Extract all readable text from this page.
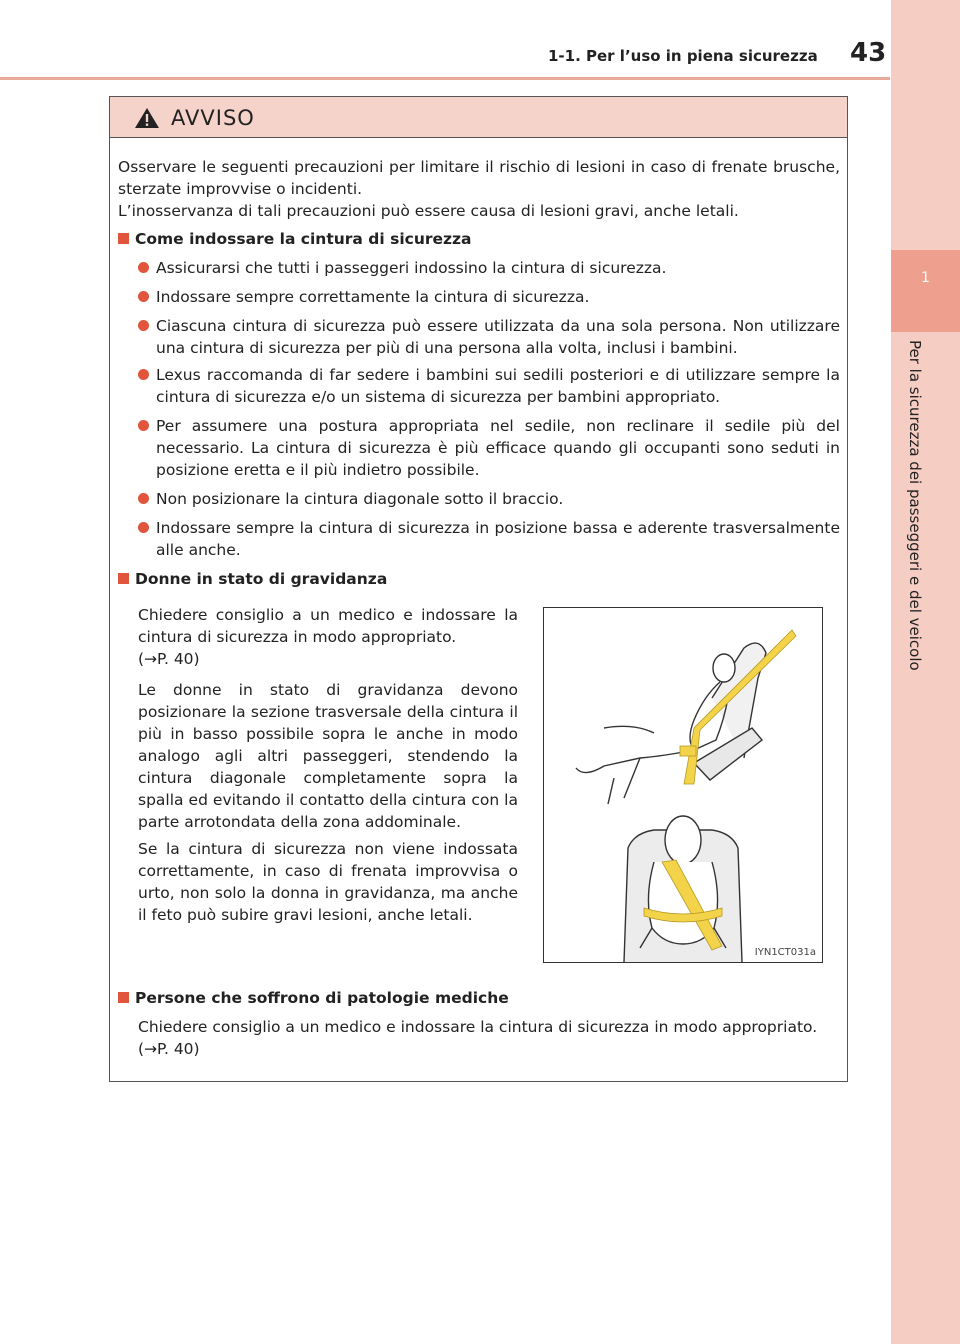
1-1. Per l’uso in piena sicurezza 43
1
Per la sicurezza dei passeggeri e del veicolo
AVVISO

Osservare le seguenti precauzioni per limitare il rischio di lesioni in caso di frenate brusche, sterzate improvvise o incidenti.

L’inosservanza di tali precauzioni può essere causa di lesioni gravi, anche letali.

Come indossare la cintura di sicurezza
Assicurarsi che tutti i passeggeri indossino la cintura di sicurezza.
Indossare sempre correttamente la cintura di sicurezza.
Ciascuna cintura di sicurezza può essere utilizzata da una sola persona. Non utilizzare una cintura di sicurezza per più di una persona alla volta, inclusi i bambini.
Lexus raccomanda di far sedere i bambini sui sedili posteriori e di utilizzare sempre la cintura di sicurezza e/o un sistema di sicurezza per bambini appropriato.
Per assumere una postura appropriata nel sedile, non reclinare il sedile più del necessario. La cintura di sicurezza è più efficace quando gli occupanti sono seduti in posizione eretta e il più indietro possibile.
Non posizionare la cintura diagonale sotto il braccio.
Indossare sempre la cintura di sicurezza in posizione bassa e aderente trasversalmente alle anche.
Donne in stato di gravidanza
Chiedere consiglio a un medico e indossare la cintura di sicurezza in modo appropriato.
(→P. 40)
Le donne in stato di gravidanza devono posizionare la sezione trasversale della cintura il più in basso possibile sopra le anche in modo analogo agli altri passeggeri, stendendo la cintura diagonale completamente sopra la spalla ed evitando il contatto della cintura con la parte arrotondata della zona addominale.
Se la cintura di sicurezza non viene indossata correttamente, in caso di frenata improvvisa o urto, non solo la donna in gravidanza, ma anche il feto può subire gravi lesioni, anche letali.
IYN1CT031a
Persone che soffrono di patologie mediche
Chiedere consiglio a un medico e indossare la cintura di sicurezza in modo appropriato.
(→P. 40)
